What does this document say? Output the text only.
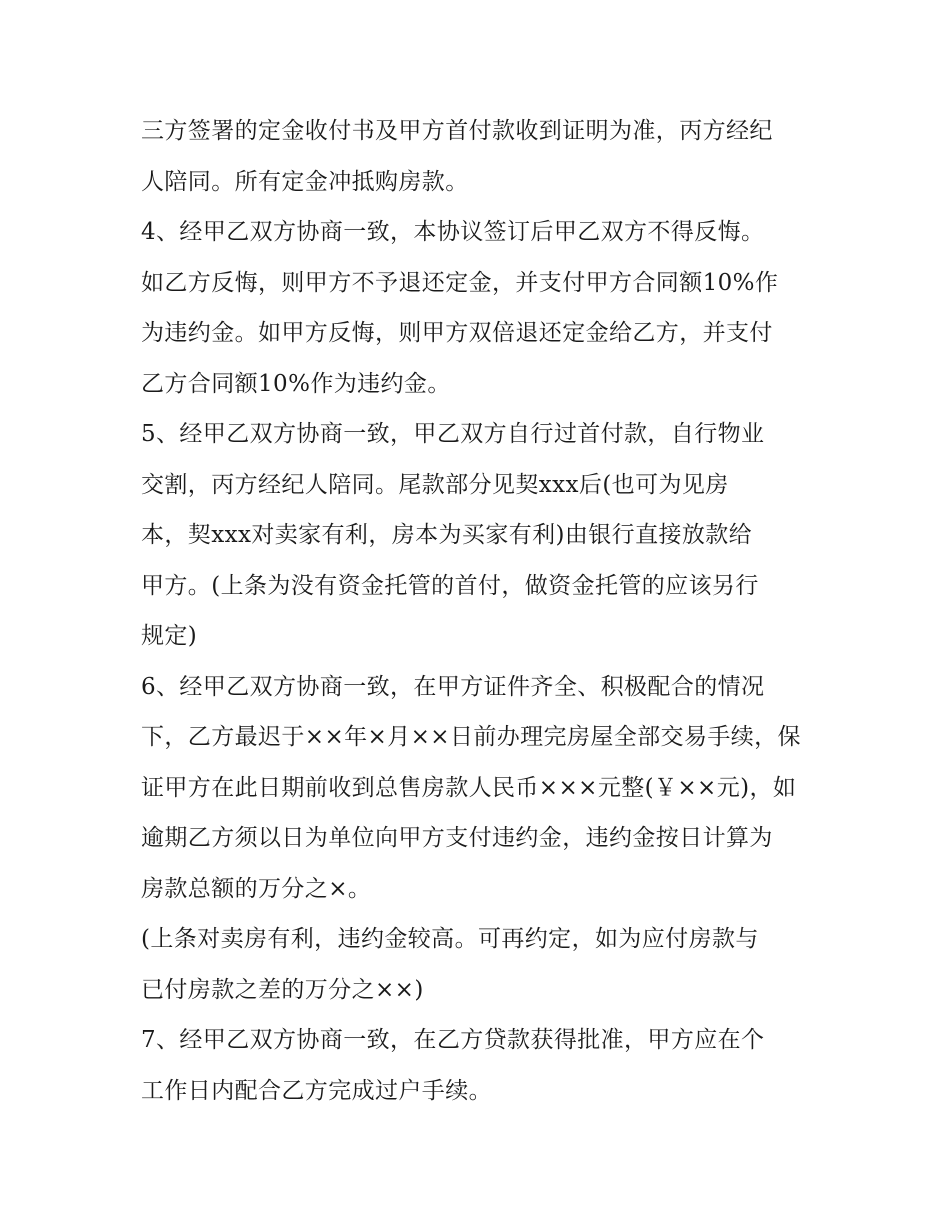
三方签署的定金收付书及甲方首付款收到证明为准，丙方经纪
人陪同。所有定金冲抵购房款。
4、经甲乙双方协商一致，本协议签订后甲乙双方不得反悔。
如乙方反悔，则甲方不予退还定金，并支付甲方合同额10%作
为违约金。如甲方反悔，则甲方双倍退还定金给乙方，并支付
乙方合同额10%作为违约金。
5、经甲乙双方协商一致，甲乙双方自行过首付款，自行物业
交割，丙方经纪人陪同。尾款部分见契xxx后(也可为见房
本，契xxx对卖家有利，房本为买家有利)由银行直接放款给
甲方。(上条为没有资金托管的首付，做资金托管的应该另行
规定)
6、经甲乙双方协商一致，在甲方证件齐全、积极配合的情况
下，乙方最迟于××年×月××日前办理完房屋全部交易手续，保
证甲方在此日期前收到总售房款人民币×××元整(￥××元)，如
逾期乙方须以日为单位向甲方支付违约金，违约金按日计算为
房款总额的万分之×。
(上条对卖房有利，违约金较高。可再约定，如为应付房款与
已付房款之差的万分之××)
7、经甲乙双方协商一致，在乙方贷款获得批准，甲方应在个
工作日内配合乙方完成过户手续。
